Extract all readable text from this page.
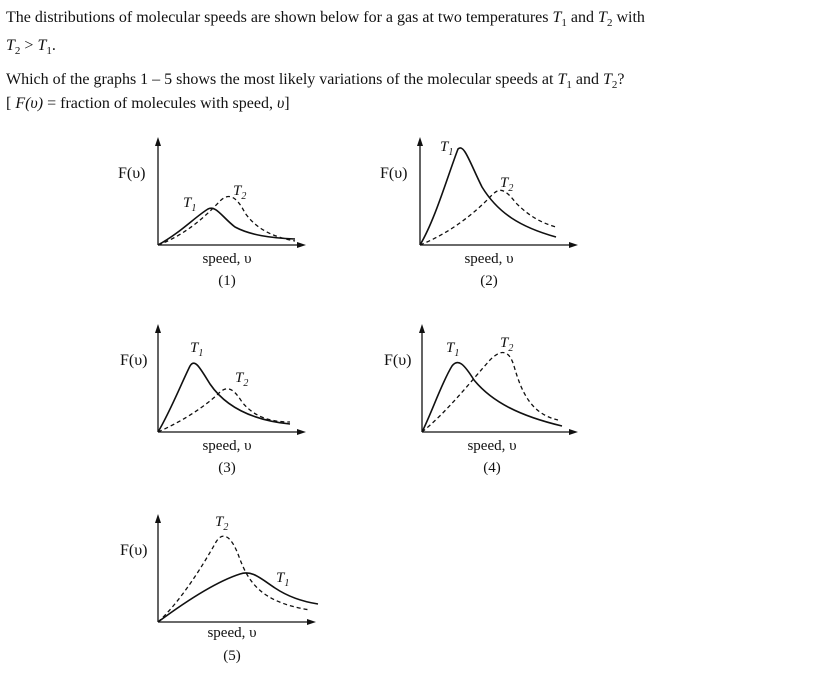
The distributions of molecular speeds are shown below for a gas at two temperatures $T_1$ and $T_2$ with
$T_2 > T_1$.
Which of the graphs 1 – 5 shows the most likely variations of the molecular speeds at $T_1$ and $T_2$?
[ F(υ) = fraction of molecules with speed, υ]
F(υ)
$T_1$
$T_2$
speed, υ
(1)
F(υ)
$T_1$
$T_2$
speed, υ
(2)
F(υ)
$T_1$
$T_2$
speed, υ
(3)
F(υ)
$T_1$
$T_2$
speed, υ
(4)
F(υ)
$T_1$
$T_2$
speed, υ
(5)
